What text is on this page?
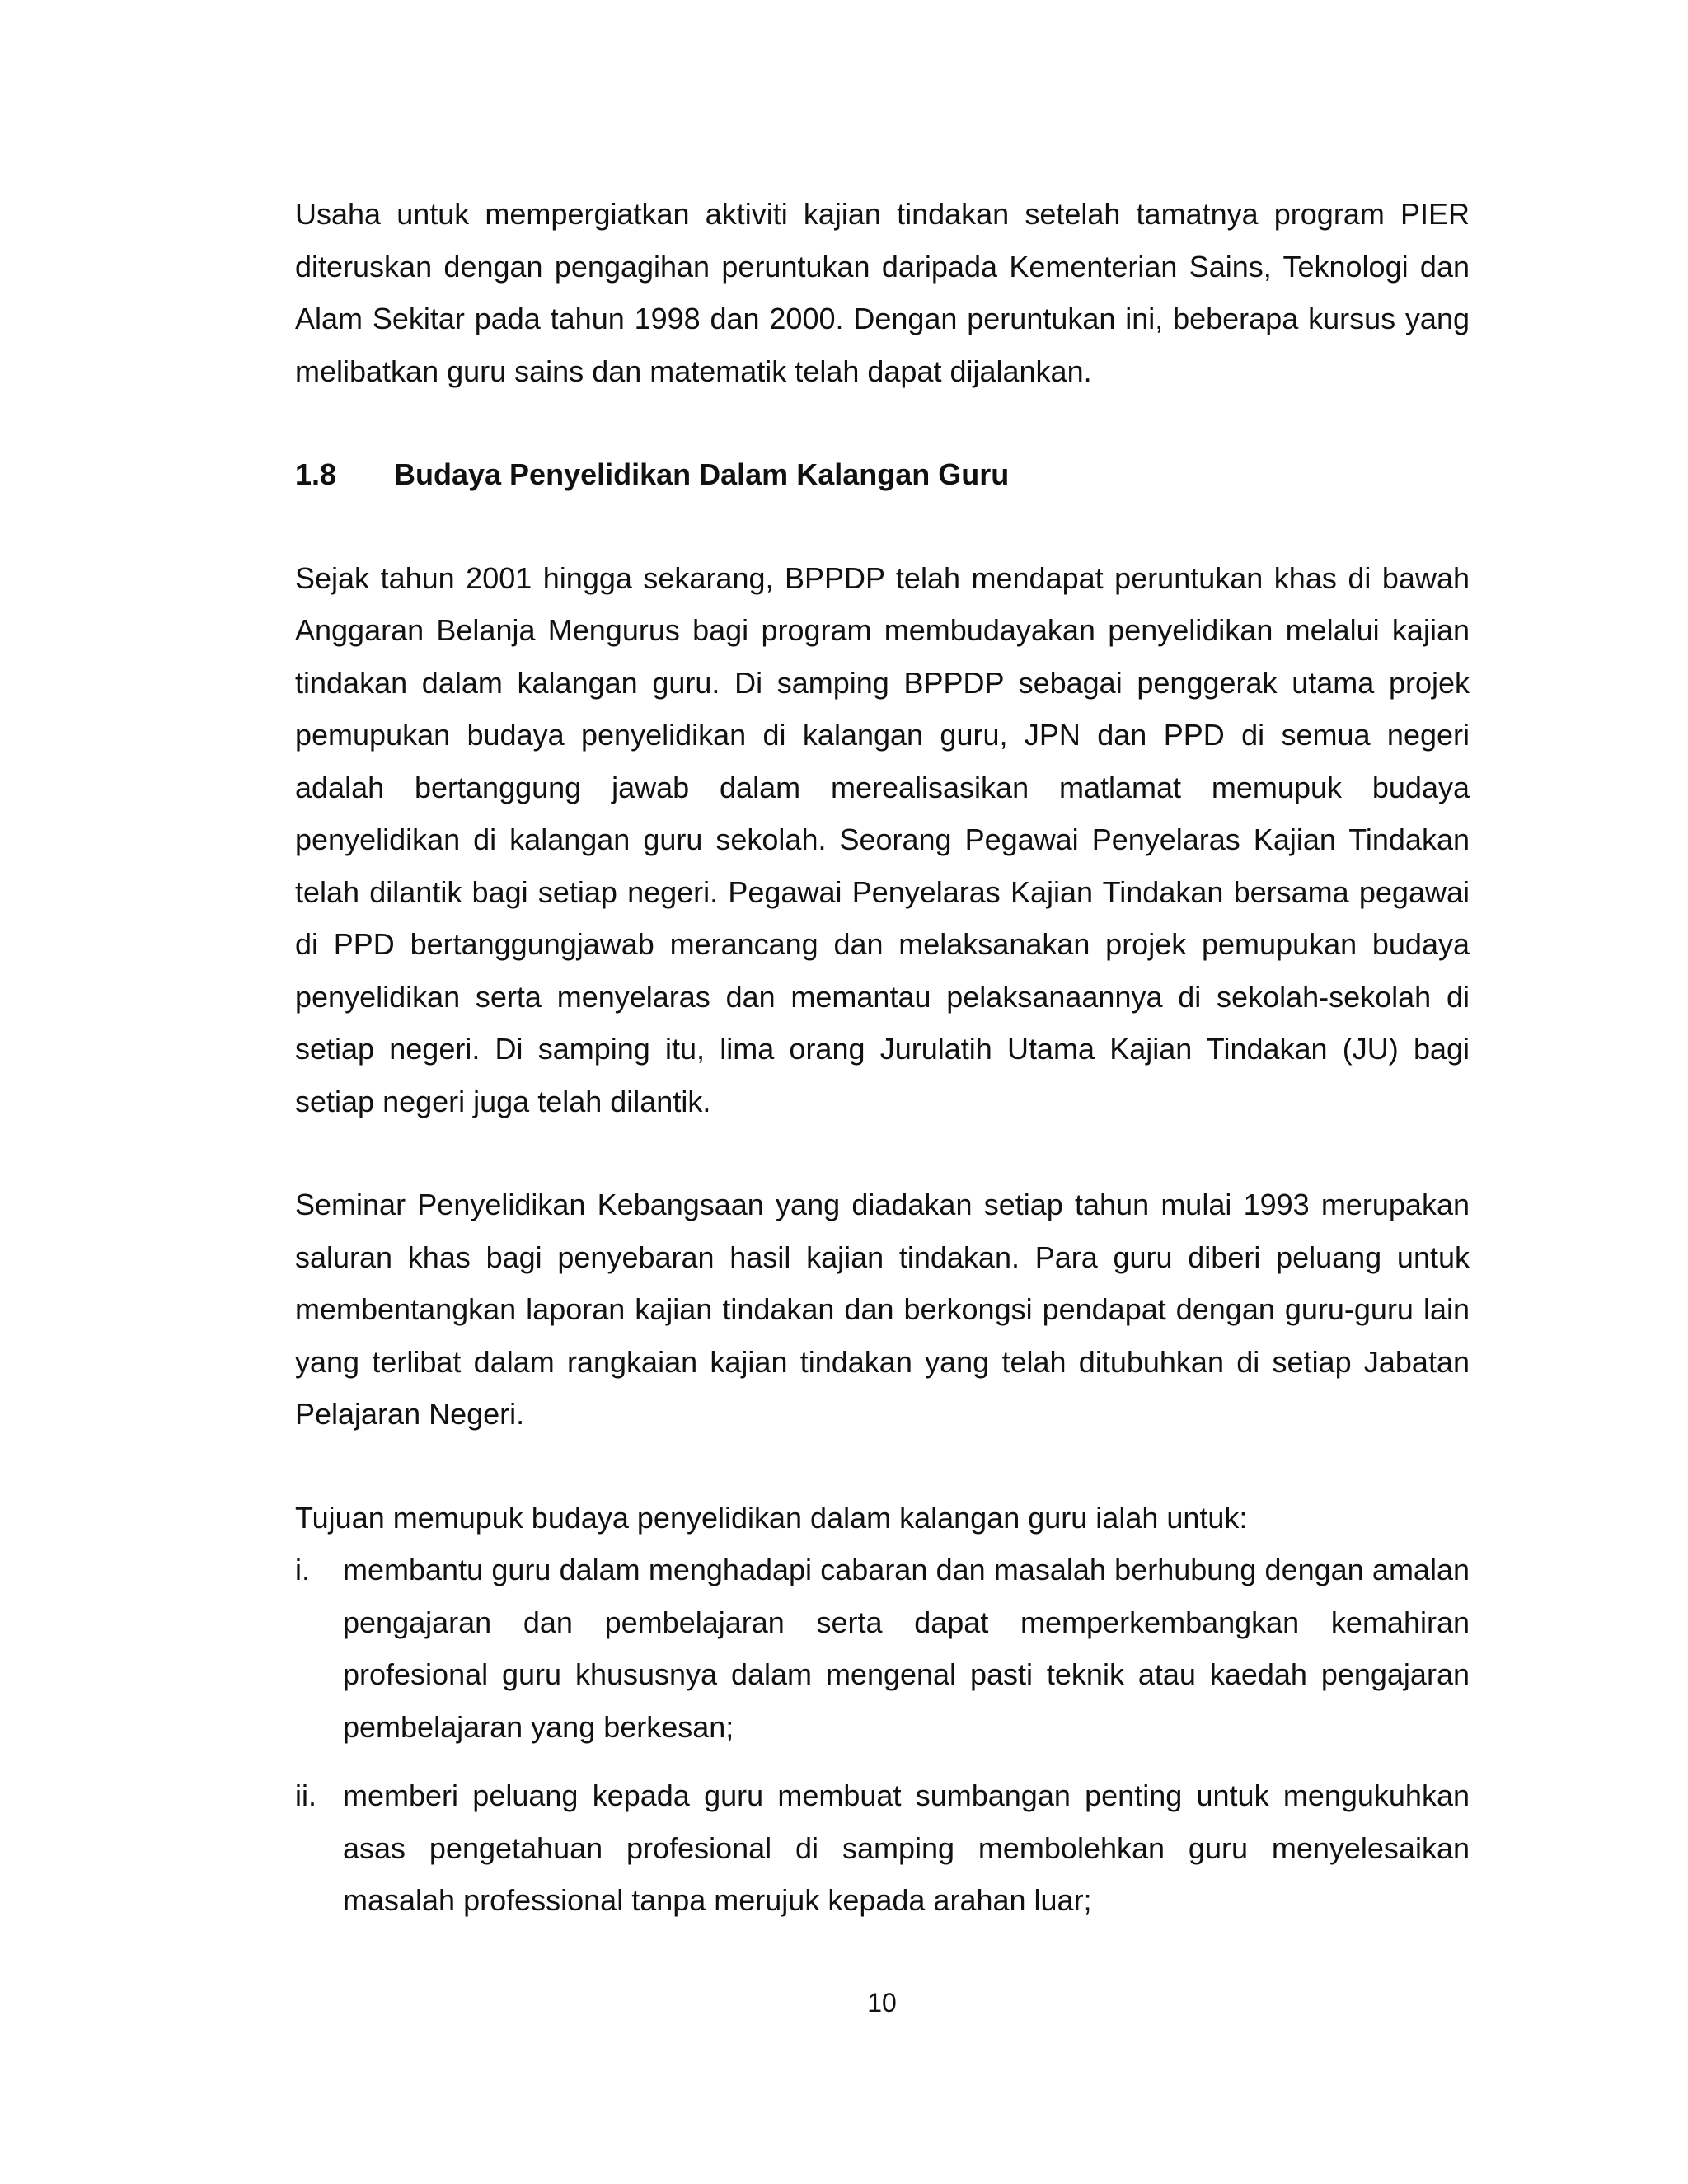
Usaha untuk mempergiatkan aktiviti kajian tindakan setelah tamatnya program PIER diteruskan dengan pengagihan peruntukan daripada Kementerian Sains, Teknologi dan Alam Sekitar pada tahun 1998 dan 2000. Dengan peruntukan ini, beberapa kursus yang melibatkan guru sains dan matematik telah dapat dijalankan.

1.8	Budaya Penyelidikan Dalam Kalangan Guru

Sejak tahun 2001 hingga sekarang, BPPDP telah mendapat peruntukan khas di bawah Anggaran Belanja Mengurus bagi program membudayakan penyelidikan melalui kajian tindakan dalam kalangan guru. Di samping BPPDP sebagai penggerak utama projek pemupukan budaya penyelidikan di kalangan guru, JPN dan PPD di semua negeri adalah bertanggung jawab dalam merealisasikan matlamat memupuk budaya penyelidikan di kalangan guru sekolah. Seorang Pegawai Penyelaras Kajian Tindakan telah dilantik bagi setiap negeri. Pegawai Penyelaras Kajian Tindakan bersama pegawai di PPD bertanggungjawab merancang dan melaksanakan projek pemupukan budaya penyelidikan serta menyelaras dan memantau pelaksanaannya di sekolah-sekolah di setiap negeri. Di samping itu, lima orang Jurulatih Utama Kajian Tindakan (JU) bagi setiap negeri juga telah dilantik.

Seminar Penyelidikan Kebangsaan yang diadakan setiap tahun mulai 1993 merupakan saluran khas bagi penyebaran hasil kajian tindakan. Para guru diberi peluang untuk membentangkan laporan kajian tindakan dan berkongsi pendapat dengan guru-guru lain yang terlibat dalam rangkaian kajian tindakan yang telah ditubuhkan di setiap Jabatan Pelajaran Negeri.

Tujuan memupuk budaya penyelidikan dalam kalangan guru ialah untuk:

i.	membantu guru dalam menghadapi cabaran dan masalah berhubung dengan amalan pengajaran dan pembelajaran serta dapat memperkembangkan kemahiran profesional guru khususnya dalam mengenal pasti teknik atau kaedah pengajaran pembelajaran yang berkesan;
ii. memberi peluang kepada guru membuat sumbangan penting untuk mengukuhkan asas pengetahuan profesional di samping membolehkan guru menyelesaikan masalah professional tanpa merujuk kepada arahan luar;
10
